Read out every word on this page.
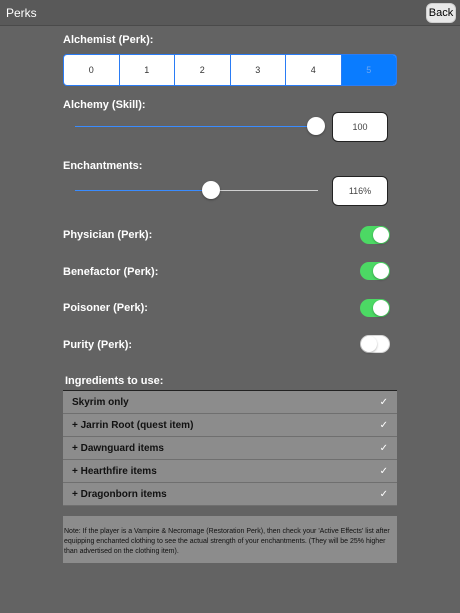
Perks	Back
Alchemist (Perk):
0	1	2	3	4	5
Alchemy (Skill):
100
Enchantments:
116%
Physician (Perk):
Benefactor (Perk):
Poisoner (Perk):
Purity (Perk):
Ingredients to use:
Skyrim only	✓
+ Jarrin Root (quest item)	✓
+ Dawnguard items	✓
+ Hearthfire items	✓
+ Dragonborn items	✓
Note: If the player is a Vampire & Necromage (Restoration Perk), then check your 'Active Effects' list after equipping enchanted clothing to see the actual strength of your enchantments. (They will be 25% higher than advertised on the clothing item).
